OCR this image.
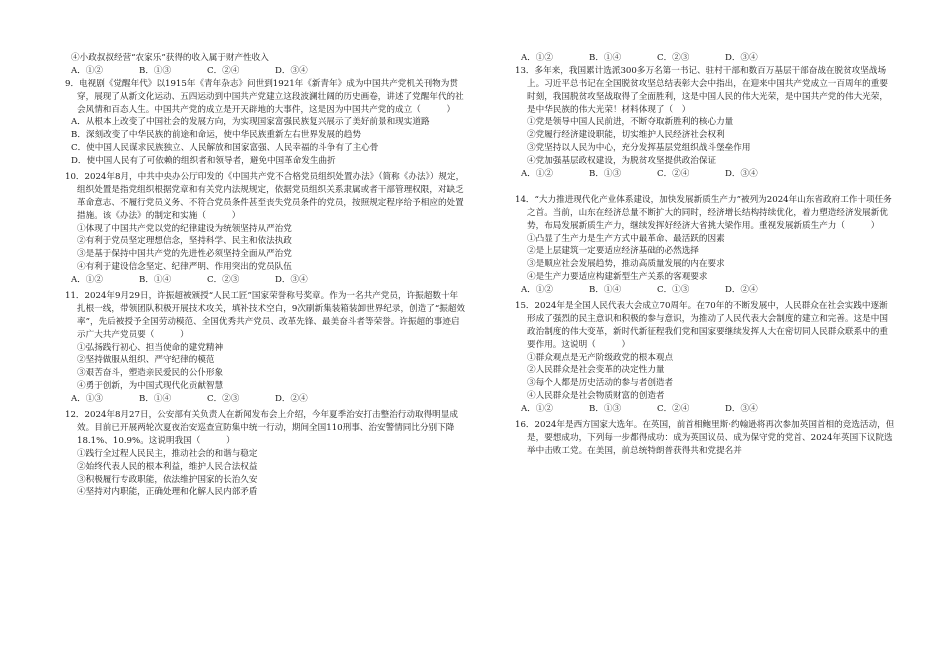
④小政叔叔经营“农家乐”获得的收入属于财产性收入

A．①②	B．①③	C．②④	D．③④

9．电视剧《觉醒年代》以1915年《青年杂志》问世到1921年《新青年》成为中国共产党机关刊物为贯穿，展现了从新文化运动、五四运动到中国共产党建立这段波澜壮阔的历史画卷，讲述了党醒年代的社会风情和百态人生。中国共产党的成立是开天辟地的大事件，这是因为中国共产党的成立（　　　）

A．从根本上改变了中国社会的发展方向，为实现国家富强民族复兴展示了美好前景和现实道路

B．深刻改变了中华民族的前途和命运，使中华民族重新左右世界发展的趋势

C．使中国人民谋求民族独立、人民解放和国家富强、人民幸福的斗争有了主心骨

D．使中国人民有了可依赖的组织者和领导者，避免中国革命发生曲折

10．2024年8月，中共中央办公厅印发的《中国共产党不合格党员组织处置办法》（简称《办法》）规定，组织处置是指党组织根据党章和有关党内法规规定，依据党员组织关系隶属或者干部管理权限，对缺乏革命意志、不履行党员义务、不符合党员条件甚至丧失党员条件的党员，按照规定程序给予相应的处置措施。该《办法》的制定和实施（　　　）

①体现了中国共产党以党的纪律建设为统领坚持从严治党

②有利于党员坚定理想信念，坚持科学、民主和依法执政

③是基于保持中国共产党的先进性必须坚持全面从严治党

④有利于建设信念坚定、纪律严明、作用突出的党员队伍

A．①②	B．①④	C．②③	D．③④

11．2024年9月29日，许振超被颁授“人民工匠”国家荣誉称号奖章。作为一名共产党员，许振超数十年扎根一线，带领团队积极开展技术攻关，填补技术空白，9次刷新集装箱装卸世界纪录，创造了“振超效率”，先后被授予全国劳动模范、全国优秀共产党员、改革先锋、最美奋斗者等荣誉。许振超的事迹启示广大共产党员要（　　　）

①弘扬践行初心、担当使命的建党精神

②坚持做服从组织、严守纪律的模范

③艰苦奋斗，塑造亲民爱民的公仆形象

④勇于创新，为中国式现代化贡献智慧

A．①③	B．①④	C．②③	D．②④

12．2024年8月27日，公安部有关负责人在新闻发布会上介绍，今年夏季治安打击整治行动取得明显成效。目前已开展两轮次夏夜治安巡查宣防集中统一行动，期间全国110刑事、治安警情同比分别下降18.1%、10.9%。这说明我国（　　　）

①践行全过程人民民主，推动社会的和谐与稳定

②始终代表人民的根本利益，维护人民合法权益

③积极履行专政职能，依法维护国家的长治久安

④坚持对内职能，正确处理和化解人民内部矛盾

A．①②	B．①④	C．②③	D．③④

13．多年来，我国累计选派300多万名第一书记、驻村干部和数百万基层干部奋战在脱贫攻坚战场上。习近平总书记在全国脱贫攻坚总结表彰大会中指出，在迎来中国共产党成立一百周年的重要时刻，我国脱贫攻坚战取得了全面胜利，这是中国人民的伟大光荣，是中国共产党的伟大光荣，是中华民族的伟大光荣！材料体现了（　）

①党是领导中国人民前进，不断夺取新胜利的核心力量

②党履行经济建设职能，切实维护人民经济社会权利

③党坚持以人民为中心，充分发挥基层党组织战斗堡垒作用

④党加强基层政权建设，为脱贫攻坚提供政治保证

A．①②	B．①③	C．②④	D．③④

14．“大力推进现代化产业体系建设，加快发展新质生产力”被列为2024年山东省政府工作十项任务之首。当前，山东在经济总量不断扩大的同时，经济增长结构持续优化，着力塑造经济发展新优势，布局发展新质生产力，继续发挥好经济大省挑大梁作用。重视发展新质生产力（　　　）

①凸显了生产力是生产方式中最革命、最活跃的因素

②是上层建筑一定要适应经济基础的必然选择

③是顺应社会发展趋势，推动高质量发展的内在要求

④是生产力要适应构建新型生产关系的客观要求

A．①②	B．①④	C．①③	D．②④

15．2024年是全国人民代表大会成立70周年。在70年的不断发展中，人民群众在社会实践中逐渐形成了强烈的民主意识和积极的参与意识，为推动了人民代表大会制度的建立和完善。这是中国政治制度的伟大变革，新时代新征程我们党和国家要继续发挥人大在密切同人民群众联系中的重要作用。这说明（　　　）

①群众观点是无产阶级政党的根本观点

②人民群众是社会变革的决定性力量

③每个人都是历史活动的参与者创造者

④人民群众是社会物质财富的创造者

A．①②	B．①③	C．②④	D．③④

16．2024年是西方国家大选年。在英国，前首相鲍里斯·约翰逊将再次参加英国首相的竞选活动，但是，要想成功，下列每一步都得成功：成为英国议员、成为保守党的党首、2024年英国下议院选举中击败工党。在美国，前总统特朗普获得共和党提名并
